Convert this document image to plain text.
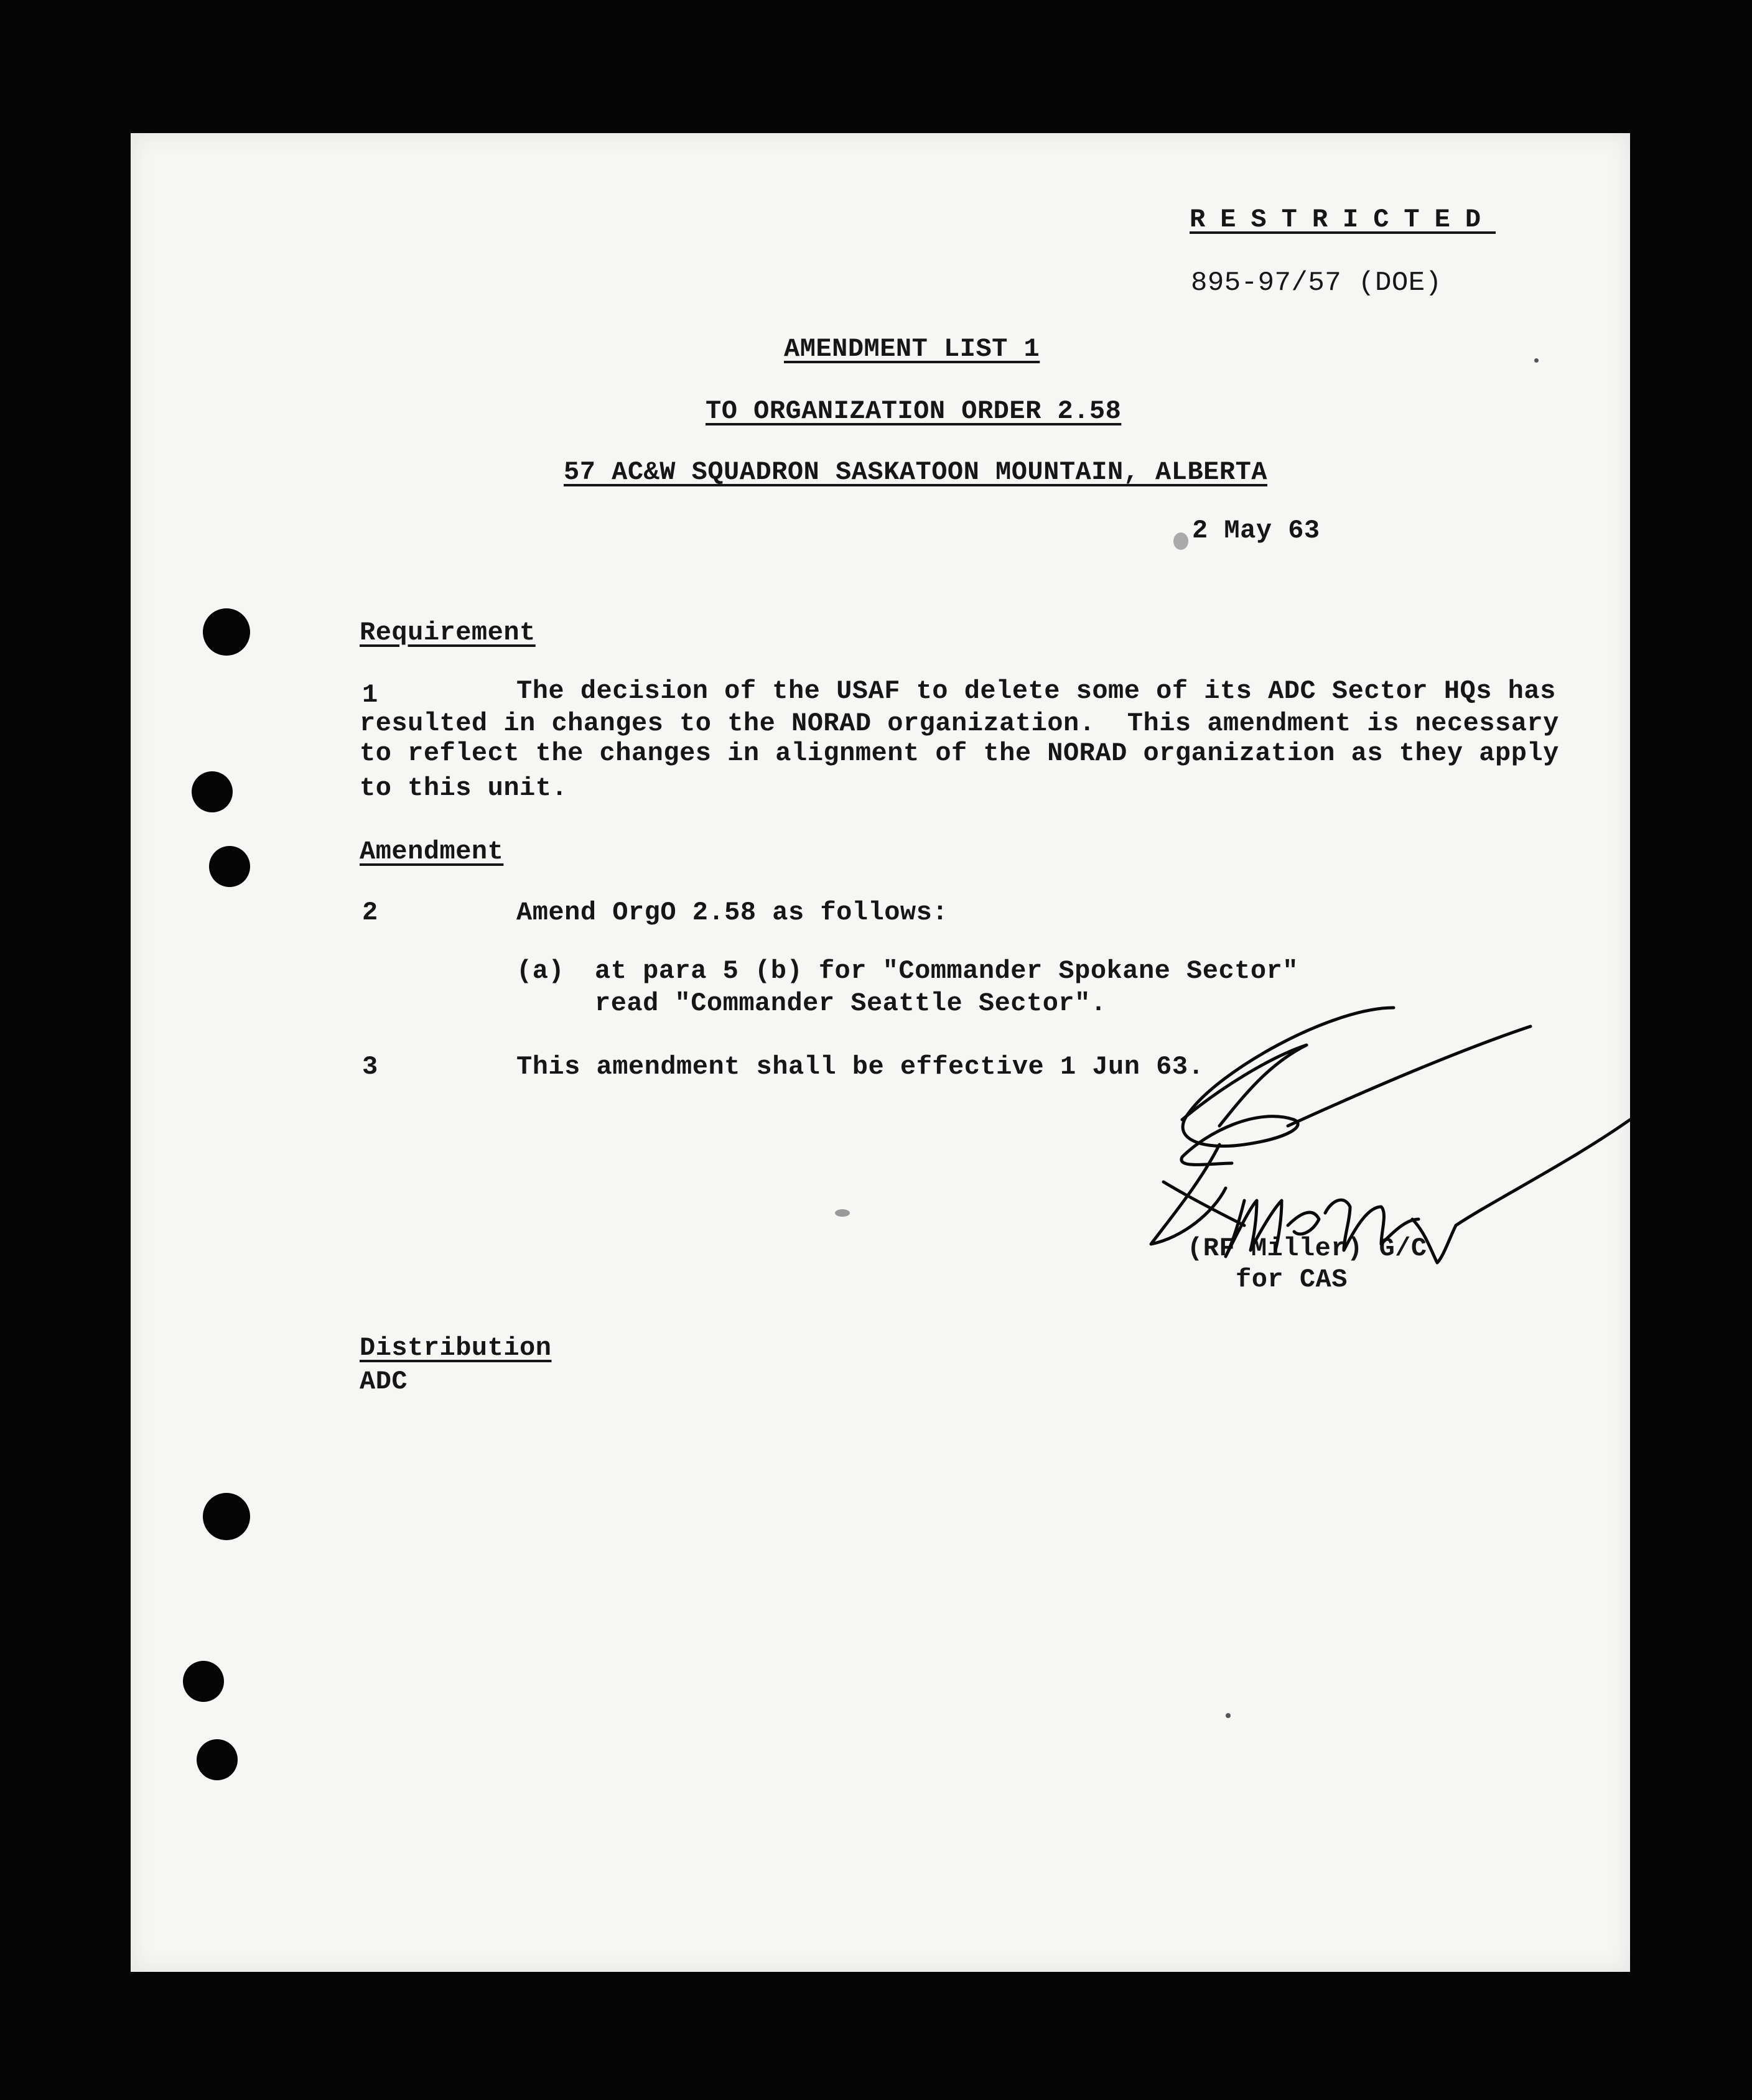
RESTRICTED
895-97/57 (DOE)
AMENDMENT LIST 1
TO ORGANIZATION ORDER 2.58
57 AC&W SQUADRON SASKATOON MOUNTAIN, ALBERTA
2 May 63
Requirement
1	The decision of the USAF to delete some of its ADC Sector HQs has
resulted in changes to the NORAD organization.  This amendment is necessary
to reflect the changes in alignment of the NORAD organization as they apply
to this unit.
Amendment
2	Amend OrgO 2.58 as follows:
(a) at para 5 (b) for "Commander Spokane Sector"
read "Commander Seattle Sector".
3	This amendment shall be effective 1 Jun 63.
(RF Miller) G/C
for CAS
Distribution
ADC
